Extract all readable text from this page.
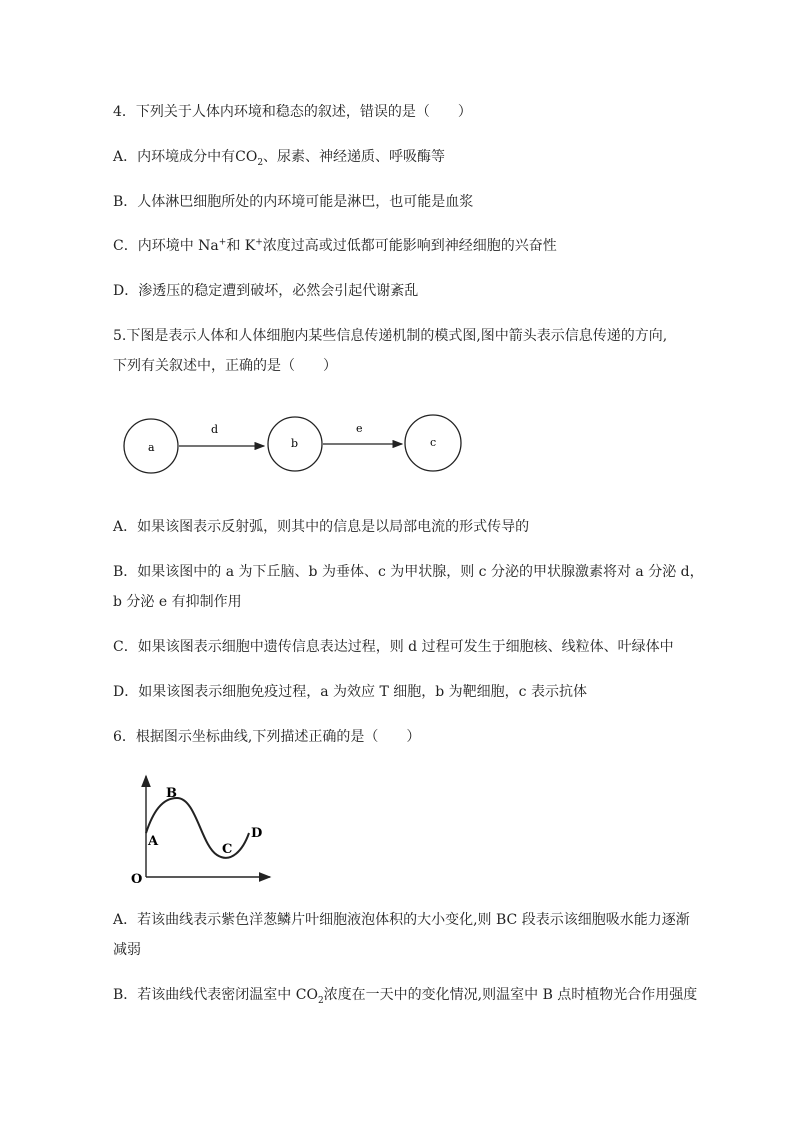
4．下列关于人体内环境和稳态的叙述，错误的是（　　）
A．内环境成分中有$CO_2$、尿素、神经递质、呼吸酶等
B．人体淋巴细胞所处的内环境可能是淋巴，也可能是血浆
C．内环境中 Na+和 K+浓度过高或过低都可能影响到神经细胞的兴奋性
D．渗透压的稳定遭到破坏，必然会引起代谢紊乱
5.下图是表示人体和人体细胞内某些信息传递机制的模式图,图中箭头表示信息传递的方向,
下列有关叙述中，正确的是（　　）
a	b	c
d	e
O
A
B
C
D
A．如果该图表示反射弧，则其中的信息是以局部电流的形式传导的
B．如果该图中的 a 为下丘脑、b 为垂体、c 为甲状腺，则 c 分泌的甲状腺激素将对 a 分泌 d，
b 分泌 e 有抑制作用
C．如果该图表示细胞中遗传信息表达过程，则 d 过程可发生于细胞核、线粒体、叶绿体中
D．如果该图表示细胞免疫过程，a 为效应 T 细胞，b 为靶细胞，c 表示抗体
6．根据图示坐标曲线,下列描述正确的是（　　）
A．若该曲线表示紫色洋葱鳞片叶细胞液泡体积的大小变化,则 BC 段表示该细胞吸水能力逐渐
减弱
B．若该曲线代表密闭温室中 $CO_2$浓度在一天中的变化情况,则温室中 B 点时植物光合作用强度
